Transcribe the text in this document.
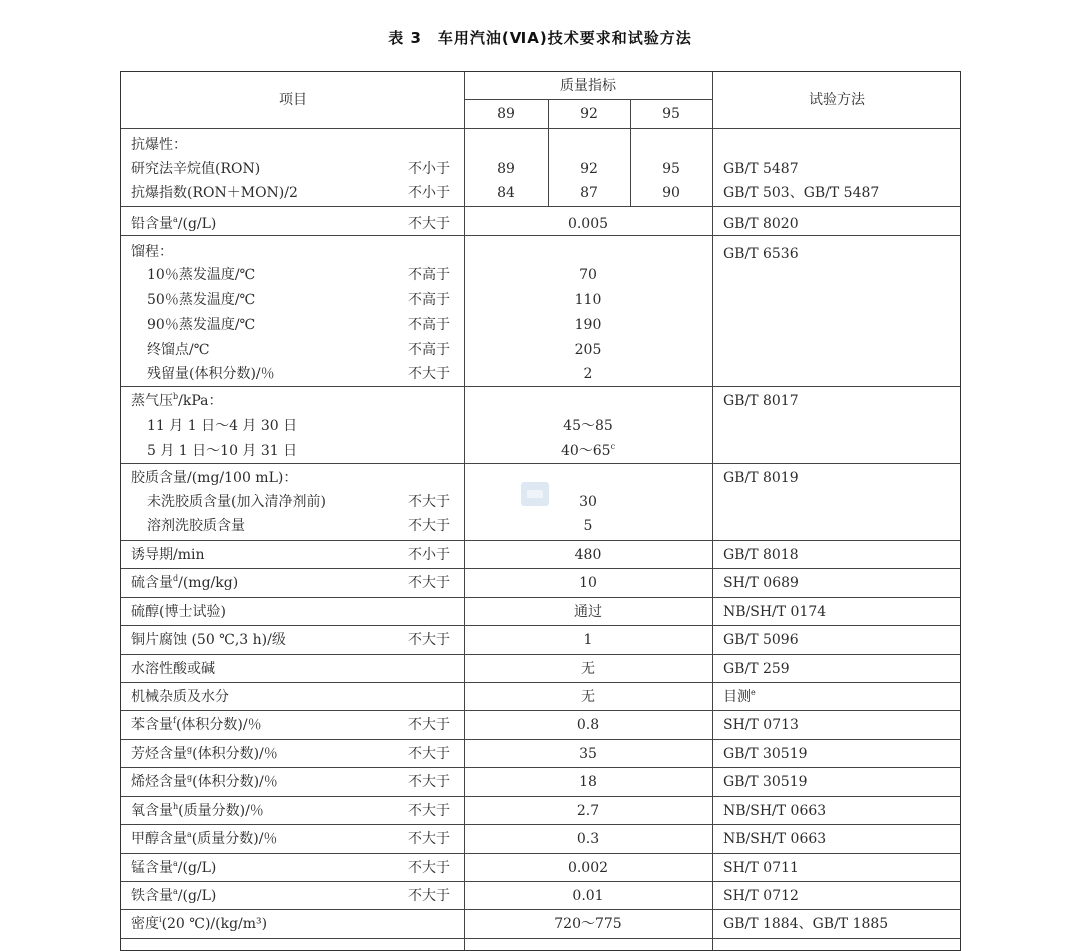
表 3　车用汽油(ⅥA)技术要求和试验方法
项目
质量指标
89	92	95
试验方法
抗爆性：
研究法辛烷值(RON)	不小于	89	92	95	GB/T 5487
抗爆指数(RON＋MON)/2	不小于	84	87	90	GB/T 503、GB/T 5487
铅含量$^a$/(g/L)	不大于	0.005	GB/T 8020
馏程：	GB/T 6536
10％蒸发温度/℃	不高于	70
50％蒸发温度/℃	不高于	110
90％蒸发温度/℃	不高于	190
终馏点/℃	不高于	205
残留量(体积分数)/％	不大于	2
蒸气压$^b$/kPa：	GB/T 8017
11 月 1 日～4 月 30 日	45～85
5 月 1 日～10 月 31 日	40～65$^c$
胶质含量/(mg/100 mL)：	GB/T 8019
未洗胶质含量(加入清净剂前)	不大于	30
溶剂洗胶质含量	不大于	5
诱导期/min	不小于	480	GB/T 8018
硫含量$^d$/(mg/kg)	不大于	10	SH/T 0689
硫醇(博士试验)	通过	NB/SH/T 0174
铜片腐蚀 (50 ℃,3 h)/级	不大于	1	GB/T 5096
水溶性酸或碱	无	GB/T 259
机械杂质及水分	无	目测$^e$
苯含量$^f$(体积分数)/％	不大于	0.8	SH/T 0713
芳烃含量$^g$(体积分数)/％	不大于	35	GB/T 30519
烯烃含量$^g$(体积分数)/％	不大于	18	GB/T 30519
氧含量$^h$(质量分数)/％	不大于	2.7	NB/SH/T 0663
甲醇含量$^a$(质量分数)/％	不大于	0.3	NB/SH/T 0663
锰含量$^a$/(g/L)	不大于	0.002	SH/T 0711
铁含量$^a$/(g/L)	不大于	0.01	SH/T 0712
密度$^i$(20 ℃)/(kg/m³)	720～775	GB/T 1884、GB/T 1885
